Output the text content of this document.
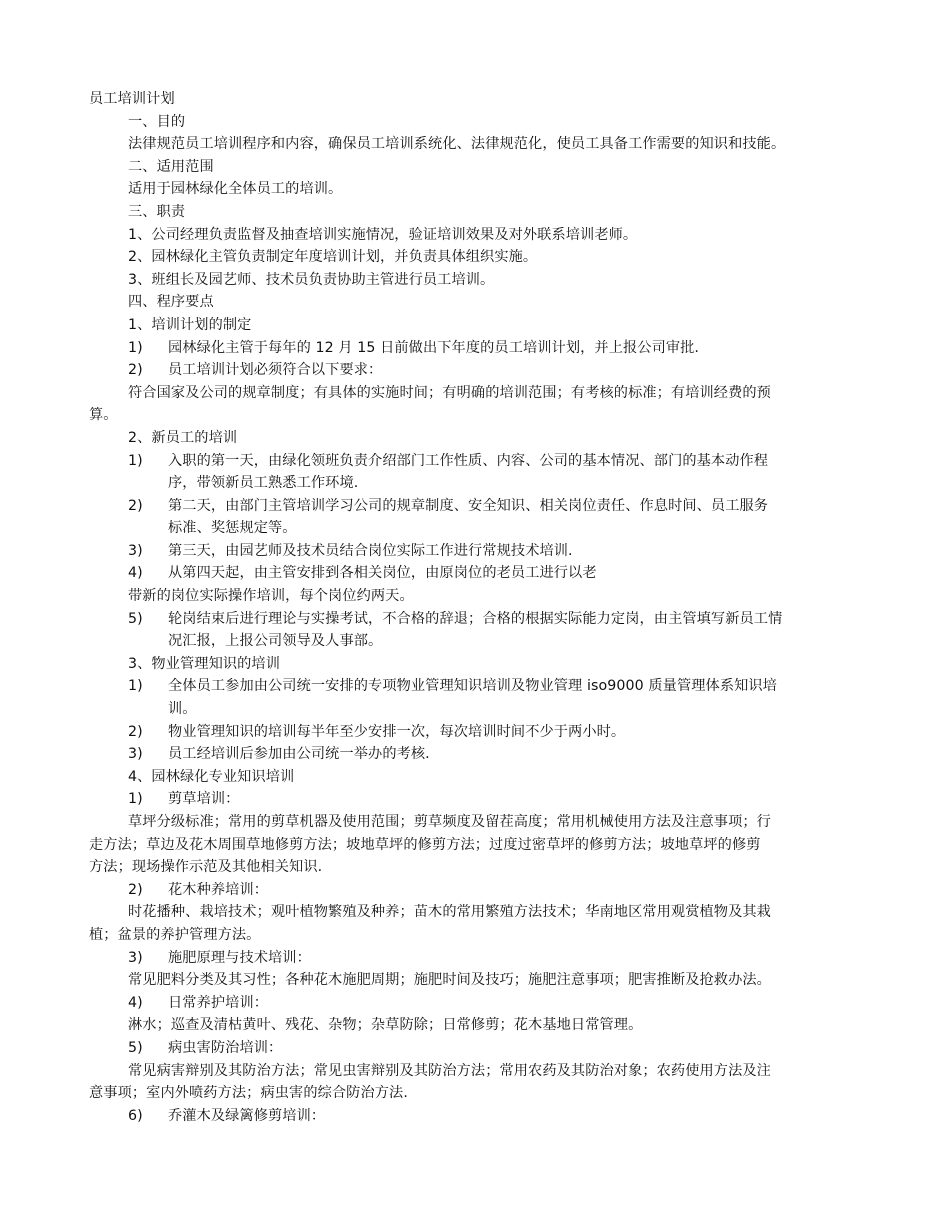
员工培训计划
一、目的
法律规范员工培训程序和内容，确保员工培训系统化、法律规范化，使员工具备工作需要的知识和技能。
二、适用范围
适用于园林绿化全体员工的培训。
三、职责
1、公司经理负责监督及抽查培训实施情况，验证培训效果及对外联系培训老师。
2、园林绿化主管负责制定年度培训计划，并负责具体组织实施。
3、班组长及园艺师、技术员负责协助主管进行员工培训。
四、程序要点
1、培训计划的制定
1) 园林绿化主管于每年的 12 月 15 日前做出下年度的员工培训计划，并上报公司审批.
2) 员工培训计划必须符合以下要求：
符合国家及公司的规章制度；有具体的实施时间；有明确的培训范围；有考核的标准；有培训经费的预
算。
2、新员工的培训
1) 入职的第一天，由绿化领班负责介绍部门工作性质、内容、公司的基本情况、部门的基本动作程
序，带领新员工熟悉工作环境.
2) 第二天，由部门主管培训学习公司的规章制度、安全知识、相关岗位责任、作息时间、员工服务
标准、奖惩规定等。
3) 第三天，由园艺师及技术员结合岗位实际工作进行常规技术培训.
4) 从第四天起，由主管安排到各相关岗位，由原岗位的老员工进行以老
带新的岗位实际操作培训，每个岗位约两天。
5) 轮岗结束后进行理论与实操考试，不合格的辞退；合格的根据实际能力定岗，由主管填写新员工情
况汇报，上报公司领导及人事部。
3、物业管理知识的培训
1) 全体员工参加由公司统一安排的专项物业管理知识培训及物业管理 iso9000 质量管理体系知识培
训。
2) 物业管理知识的培训每半年至少安排一次，每次培训时间不少于两小时。
3) 员工经培训后参加由公司统一举办的考核.
4、园林绿化专业知识培训
1) 剪草培训：
草坪分级标准；常用的剪草机器及使用范围；剪草频度及留茬高度；常用机械使用方法及注意事项；行
走方法；草边及花木周围草地修剪方法；坡地草坪的修剪方法；过度过密草坪的修剪方法；坡地草坪的修剪
方法；现场操作示范及其他相关知识.
2) 花木种养培训：
时花播种、栽培技术；观叶植物繁殖及种养；苗木的常用繁殖方法技术；华南地区常用观赏植物及其栽
植；盆景的养护管理方法。
3) 施肥原理与技术培训：
常见肥料分类及其习性；各种花木施肥周期；施肥时间及技巧；施肥注意事项；肥害推断及抢救办法。
4) 日常养护培训：
淋水；巡查及清枯黄叶、残花、杂物；杂草防除；日常修剪；花木基地日常管理。
5) 病虫害防治培训：
常见病害辩别及其防治方法；常见虫害辩别及其防治方法；常用农药及其防治对象；农药使用方法及注
意事项；室内外喷药方法；病虫害的综合防治方法.
6) 乔灌木及绿篱修剪培训：
